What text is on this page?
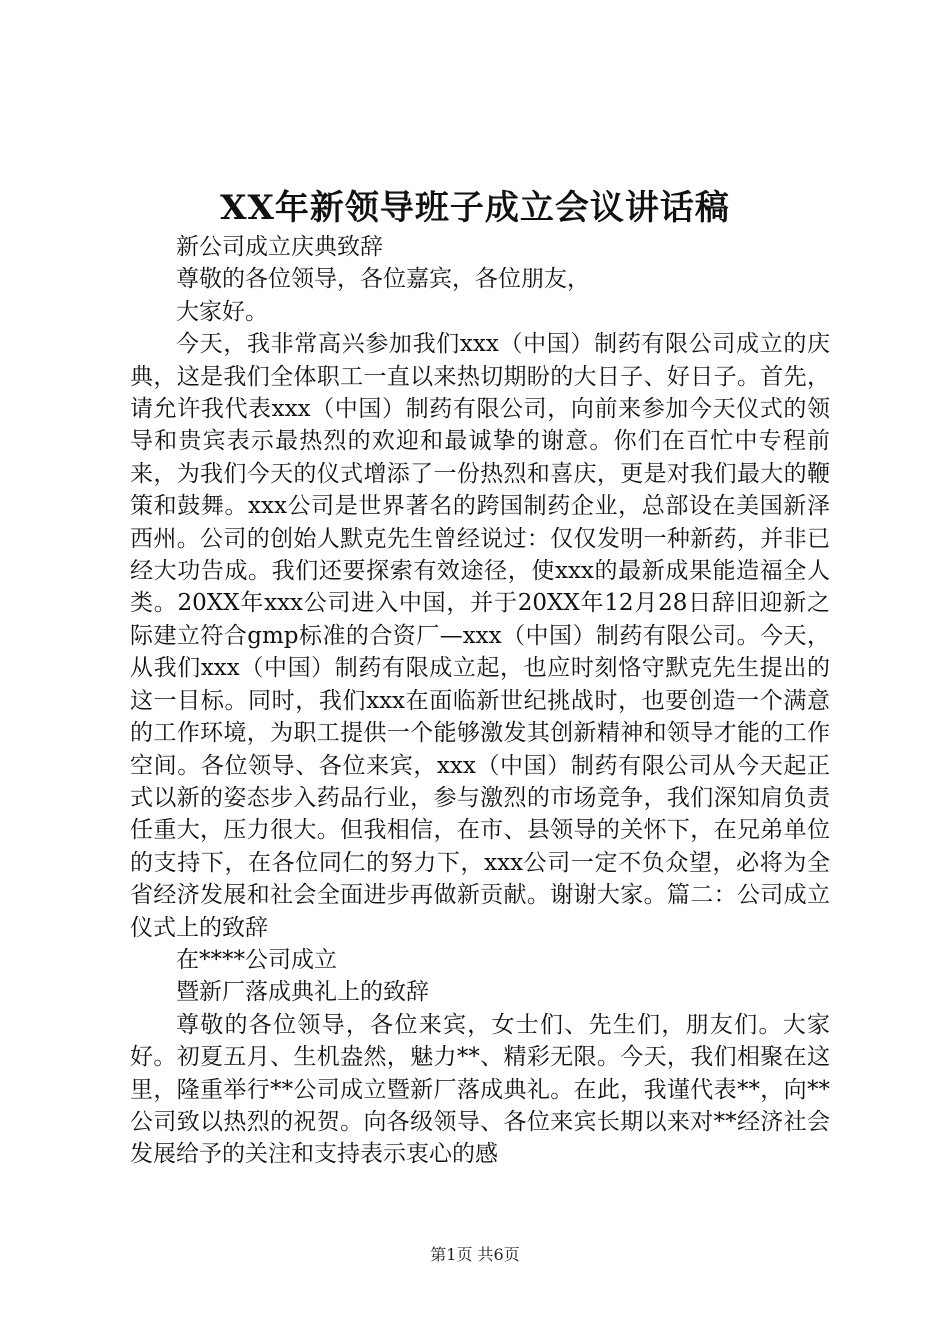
XX年新领导班子成立会议讲话稿

新公司成立庆典致辞

尊敬的各位领导，各位嘉宾，各位朋友，

大家好。

今天，我非常高兴参加我们xxx（中国）制药有限公司成立的庆典，这是我们全体职工一直以来热切期盼的大日子、好日子。首先，请允许我代表xxx（中国）制药有限公司，向前来参加今天仪式的领导和贵宾表示最热烈的欢迎和最诚挚的谢意。你们在百忙中专程前来，为我们今天的仪式增添了一份热烈和喜庆，更是对我们最大的鞭策和鼓舞。xxx公司是世界著名的跨国制药企业，总部设在美国新泽西州。公司的创始人默克先生曾经说过：仅仅发明一种新药，并非已经大功告成。我们还要探索有效途径，使xxx的最新成果能造福全人类。20XX年xxx公司进入中国，并于20XX年12月28日辞旧迎新之际建立符合gmp标准的合资厂—xxx（中国）制药有限公司。今天，从我们xxx（中国）制药有限成立起，也应时刻恪守默克先生提出的这一目标。同时，我们xxx在面临新世纪挑战时，也要创造一个满意的工作环境，为职工提供一个能够激发其创新精神和领导才能的工作空间。各位领导、各位来宾，xxx（中国）制药有限公司从今天起正式以新的姿态步入药品行业，参与激烈的市场竞争，我们深知肩负责任重大，压力很大。但我相信，在市、县领导的关怀下，在兄弟单位的支持下，在各位同仁的努力下，xxx公司一定不负众望，必将为全省经济发展和社会全面进步再做新贡献。谢谢大家。篇二：公司成立仪式上的致辞

在****公司成立

暨新厂落成典礼上的致辞

尊敬的各位领导，各位来宾，女士们、先生们，朋友们。大家好。初夏五月、生机盎然，魅力**、精彩无限。今天，我们相聚在这里，隆重举行**公司成立暨新厂落成典礼。在此，我谨代表**，向**公司致以热烈的祝贺。向各级领导、各位来宾长期以来对**经济社会发展给予的关注和支持表示衷心的感

第1页 共6页
